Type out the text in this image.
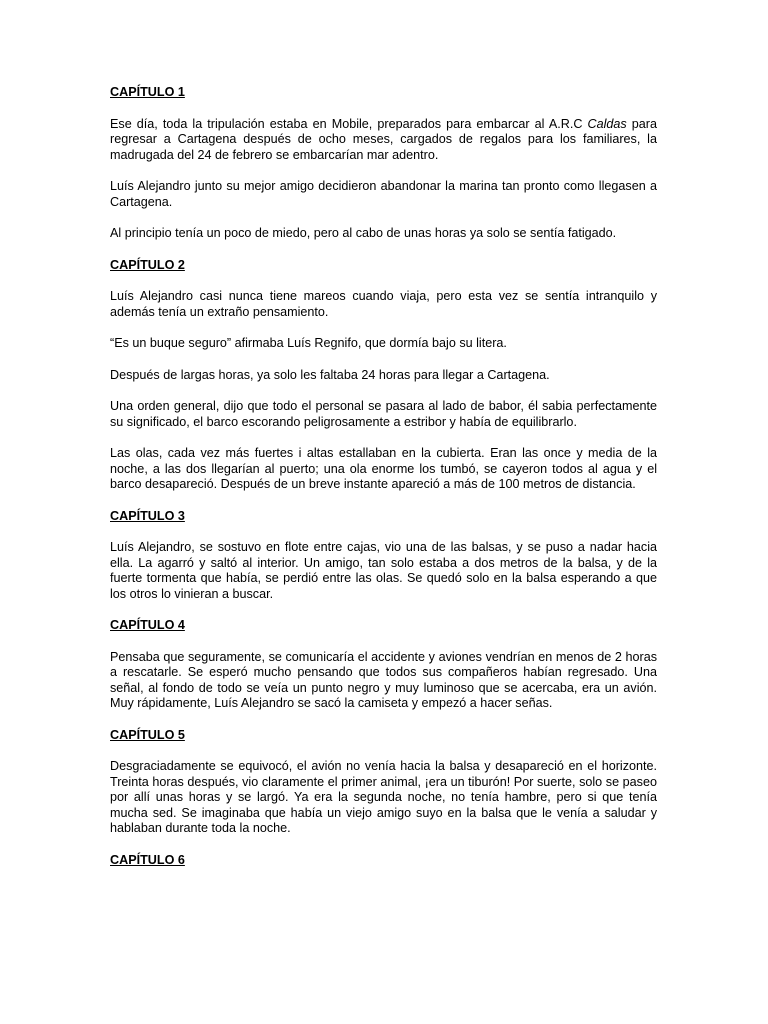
CAPÍTULO 1

Ese día, toda la tripulación estaba en Mobile, preparados para embarcar al A.R.C Caldas para regresar a Cartagena después de ocho meses, cargados de regalos para los familiares, la madrugada del 24 de febrero se embarcarían mar adentro.

Luís Alejandro junto su mejor amigo decidieron abandonar la marina tan pronto como llegasen a Cartagena.

Al principio tenía un poco de miedo, pero al cabo de unas horas ya solo se sentía fatigado.

CAPÍTULO 2

Luís Alejandro casi nunca tiene mareos cuando viaja, pero esta vez se sentía intranquilo y además tenía un extraño pensamiento.

“Es un buque seguro” afirmaba Luís Regnifo, que dormía bajo su litera.

Después de largas horas, ya solo les faltaba 24 horas para llegar a Cartagena.

Una orden general, dijo que todo el personal se pasara al lado de babor, él sabia perfectamente su significado, el barco escorando peligrosamente a estribor y había de equilibrarlo.

Las olas, cada vez más fuertes i altas estallaban en la cubierta. Eran las once y media de la noche, a las dos llegarían al puerto; una ola enorme los tumbó, se cayeron todos al agua y el barco desapareció. Después de un breve instante apareció a más de 100 metros de distancia.

CAPÍTULO 3

Luís Alejandro, se sostuvo en flote entre cajas, vio una de las balsas, y se puso a nadar hacia ella. La agarró y saltó al interior. Un amigo, tan solo estaba a dos metros de la balsa, y de la fuerte tormenta que había, se perdió entre las olas. Se quedó solo en la balsa esperando a que los otros lo vinieran a buscar.

CAPÍTULO 4

Pensaba que seguramente, se comunicaría el accidente y aviones vendrían en menos de 2 horas a rescatarle. Se esperó mucho pensando que todos sus compañeros habían regresado. Una señal, al fondo de todo se veía un punto negro y muy luminoso que se acercaba, era un avión. Muy rápidamente, Luís Alejandro se sacó la camiseta y empezó a hacer señas.

CAPÍTULO 5

Desgraciadamente se equivocó, el avión no venía hacia la balsa y desapareció en el horizonte. Treinta horas después, vio claramente el primer animal, ¡era un tiburón! Por suerte, solo se paseo por allí unas horas y se largó. Ya era la segunda noche, no tenía hambre, pero si que tenía mucha sed. Se imaginaba que había un viejo amigo suyo en la balsa que le venía a saludar y hablaban durante toda la noche.

CAPÍTULO 6
